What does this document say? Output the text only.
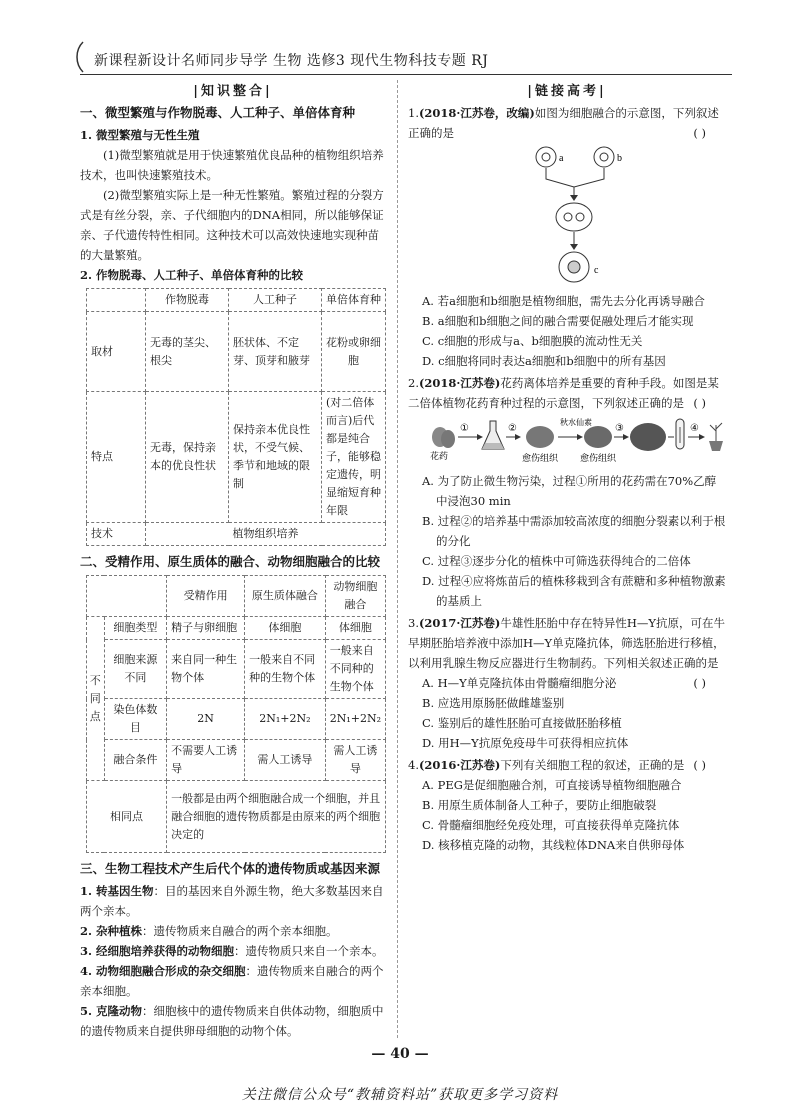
新课程新设计名师同步导学 生物 选修3 现代生物科技专题 RJ
|知识整合|
一、微型繁殖与作物脱毒、人工种子、单倍体育种
1. 微型繁殖与无性生殖

(1)微型繁殖就是用于快速繁殖优良品种的植物组织培养技术，也叫快速繁殖技术。

(2)微型繁殖实际上是一种无性繁殖。繁殖过程的分裂方式是有丝分裂，亲、子代细胞内的DNA相同，所以能够保证亲、子代遗传特性相同。这种技术可以高效快速地实现种苗的大量繁殖。

2. 作物脱毒、人工种子、单倍体育种的比较
	作物脱毒	人工种子	单倍体育种
取材	无毒的茎尖、根尖	胚状体、不定芽、顶芽和腋芽	花粉或卵细胞
特点	无毒，保持亲本的优良性状	保持亲本优良性状，不受气候、季节和地域的限制	(对二倍体而言)后代都是纯合子，能够稳定遗传，明显缩短育种年限
技术	植物组织培养		
二、受精作用、原生质体的融合、动物细胞融合的比较
		受精作用	原生质体融合	动物细胞融合
不同点	细胞类型	精子与卵细胞	体细胞	体细胞
	细胞来源不同	来自同一种生物个体	一般来自不同种的生物个体	一般来自不同种的生物个体
	染色体数目	2N	2N₁+2N₂	2N₁+2N₂
	融合条件	不需要人工诱导	需人工诱导	需人工诱导
相同点		一般都是由两个细胞融合成一个细胞，并且融合细胞的遗传物质都是由原来的两个细胞决定的		
三、生物工程技术产生后代个体的遗传物质或基因来源

1. 转基因生物：目的基因来自外源生物，绝大多数基因来自两个亲本。

2. 杂种植株：遗传物质来自融合的两个亲本细胞。

3. 经细胞培养获得的动物细胞：遗传物质只来自一个亲本。

4. 动物细胞融合形成的杂交细胞：遗传物质来自融合的两个亲本细胞。

5. 克隆动物：细胞核中的遗传物质来自供体动物，细胞质中的遗传物质来自提供卵母细胞的动物个体。

|链接高考|

1.(2018·江苏卷，改编)如图为细胞融合的示意图，下列叙述正确的是	( )

a	b
c

A. 若a细胞和b细胞是植物细胞，需先去分化再诱导融合

B. a细胞和b细胞之间的融合需要促融处理后才能实现

C. c细胞的形成与a、b细胞膜的流动性无关

D. c细胞将同时表达a细胞和b细胞中的所有基因

2.(2018·江苏卷)花药离体培养是重要的育种手段。如图是某二倍体植物花药育种过程的示意图，下列叙述正确的是 ( )

花药
①	②
愈伤组织
秋水仙素
愈伤组织
③	④

A. 为了防止微生物污染，过程①所用的花药需在70%乙醇中浸泡30 min

B. 过程②的培养基中需添加较高浓度的细胞分裂素以利于根的分化

C. 过程③逐步分化的植株中可筛选获得纯合的二倍体

D. 过程④应将炼苗后的植株移栽到含有蔗糖和多种植物激素的基质上

3.(2017·江苏卷)牛雄性胚胎中存在特异性H—Y抗原，可在牛早期胚胎培养液中添加H—Y单克隆抗体，筛选胚胎进行移植，以利用乳腺生物反应器进行生物制药。下列相关叙述正确的是
( )

A. H—Y单克隆抗体由骨髓瘤细胞分泌

B. 应选用原肠胚做雌雄鉴别

C. 鉴别后的雄性胚胎可直接做胚胎移植

D. 用H—Y抗原免疫母牛可获得相应抗体

4.(2016·江苏卷)下列有关细胞工程的叙述，正确的是 ( )

A. PEG是促细胞融合剂，可直接诱导植物细胞融合

B. 用原生质体制备人工种子，要防止细胞破裂

C. 骨髓瘤细胞经免疫处理，可直接获得单克隆抗体

D. 核移植克隆的动物，其线粒体DNA来自供卵母体

— 40 —
关注微信公众号“教辅资料站”获取更多学习资料
